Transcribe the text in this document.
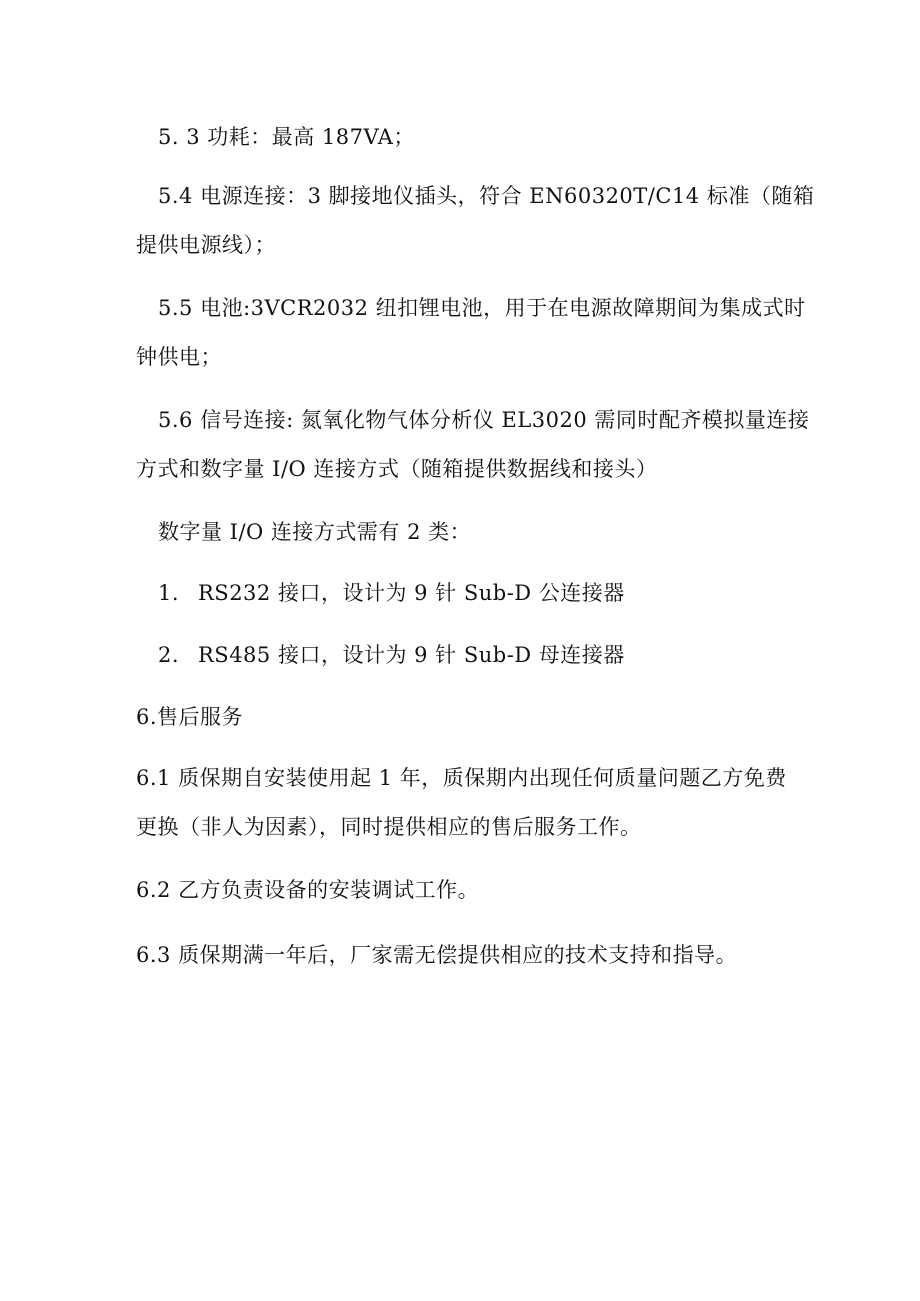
5. 3 功耗：最高 187VA；
5.4 电源连接：3 脚接地仪插头，符合 EN60320T/C14 标准（随箱
提供电源线）；
5.5 电池:3VCR2032 纽扣锂电池，用于在电源故障期间为集成式时
钟供电；
5.6 信号连接: 氮氧化物气体分析仪 EL3020 需同时配齐模拟量连接
方式和数字量 I/O 连接方式（随箱提供数据线和接头）
数字量 I/O 连接方式需有 2 类：
1. RS232 接口，设计为 9 针 Sub-D 公连接器
2. RS485 接口，设计为 9 针 Sub-D 母连接器
6.售后服务
6.1 质保期自安装使用起 1 年，质保期内出现任何质量问题乙方免费
更换（非人为因素），同时提供相应的售后服务工作。
6.2 乙方负责设备的安装调试工作。
6.3 质保期满一年后，厂家需无偿提供相应的技术支持和指导。
